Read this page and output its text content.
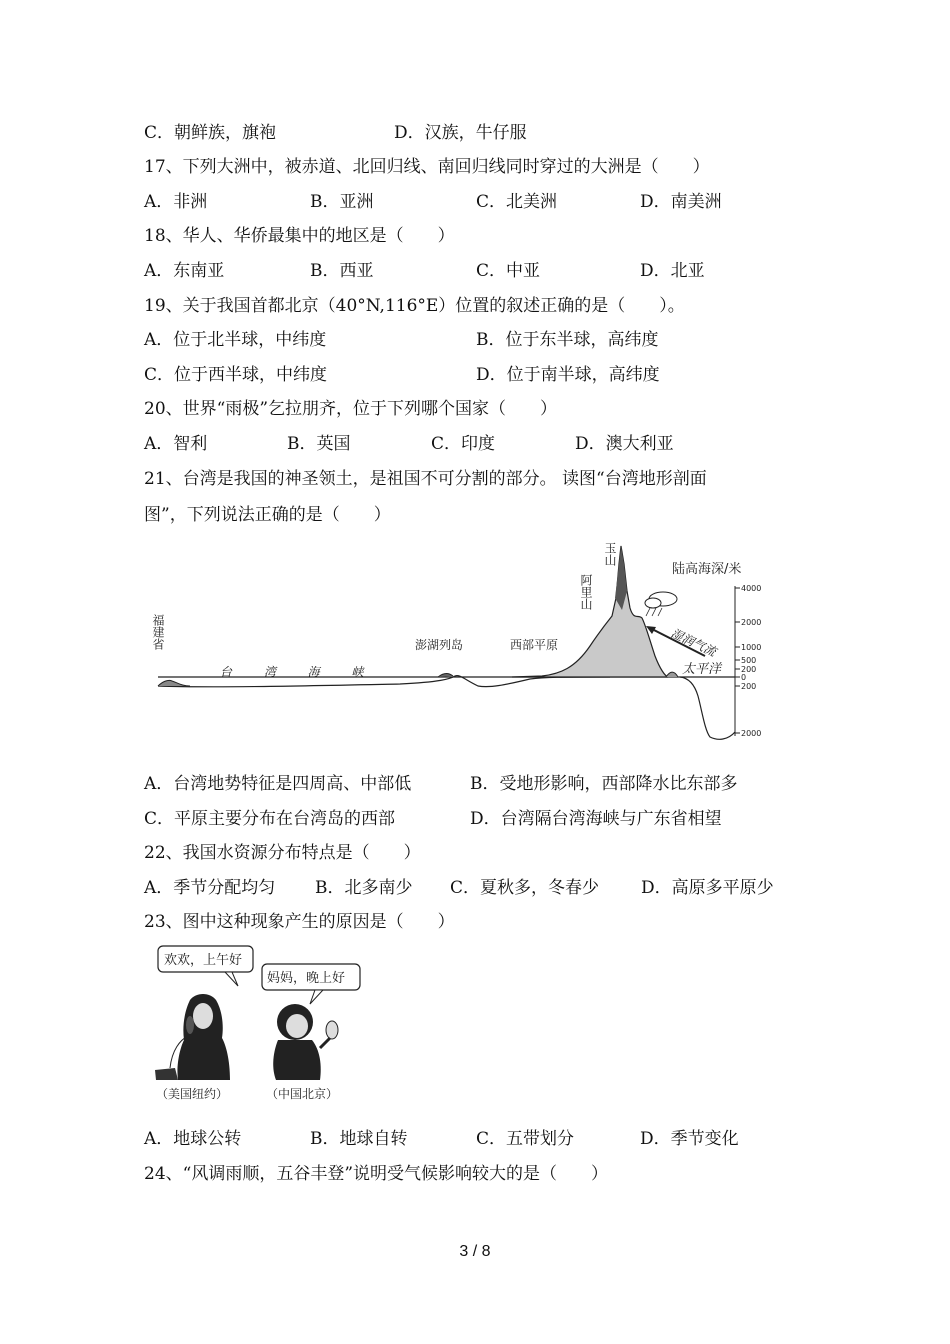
C．朝鲜族，旗袍	D．汉族，牛仔服
17、下列大洲中，被赤道、北回归线、南回归线同时穿过的大洲是（　　）
A．非洲	B．亚洲	C．北美洲	D．南美洲
18、华人、华侨最集中的地区是（　　）
A．东南亚	B．西亚	C．中亚	D．北亚
19、关于我国首都北京（40°N,116°E）位置的叙述正确的是（　　）。
A．位于北半球，中纬度	B．位于东半球，高纬度
C．位于西半球，中纬度	D．位于南半球，高纬度
20、世界“雨极”乞拉朋齐，位于下列哪个国家（　　）
A．智利	B．英国	C．印度	D．澳大利亚
21、台湾是我国的神圣领土，是祖国不可分割的部分。 读图“台湾地形剖面
图”，下列说法正确的是（　　）
4000
2000
1000
500
200
0
200
2000
陆高海深/米
福建省
台 湾 海 峡
澎湖列岛	西部平原
阿里山
玉山
湿润气流
太平洋
A．台湾地势特征是四周高、中部低	B．受地形影响，西部降水比东部多
C．平原主要分布在台湾岛的西部	D．台湾隔台湾海峡与广东省相望
22、我国水资源分布特点是（　　）
A．季节分配均匀 B．北多南少 C．夏秋多，冬春少 D．高原多平原少
23、图中这种现象产生的原因是（　　）
欢欢，上午好
妈妈，晚上好
（美国纽约）	（中国北京）
A．地球公转	B．地球自转	C．五带划分	D．季节变化
24、“风调雨顺，五谷丰登”说明受气候影响较大的是（　　）
3 / 8
